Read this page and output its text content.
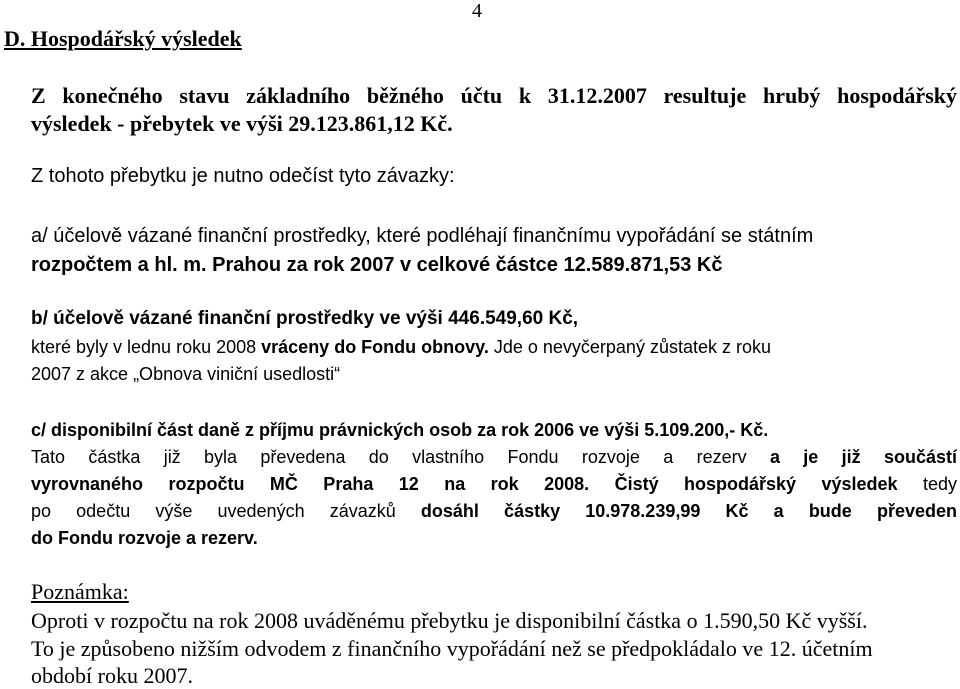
4
D. Hospodářský výsledek
Z konečného stavu základního běžného účtu k 31.12.2007 resultuje hrubý hospodářský
výsledek - přebytek ve výši 29.123.861,12 Kč.
Z tohoto přebytku je nutno odečíst tyto závazky:
a/ účelově vázané finanční prostředky, které podléhají finančnímu vypořádání se státním
rozpočtem a hl. m. Prahou za rok 2007 v celkové částce 12.589.871,53 Kč
b/ účelově vázané finanční prostředky ve výši 446.549,60 Kč,
které byly v lednu roku 2008 vráceny do Fondu obnovy. Jde o nevyčerpaný zůstatek z roku
2007 z akce „Obnova viniční usedlosti“
c/ disponibilní část daně z příjmu právnických osob za rok 2006 ve výši 5.109.200,- Kč.
Tato částka již byla převedena do vlastního Fondu rozvoje a rezerv a je již součástí
vyrovnaného rozpočtu MČ Praha 12 na rok 2008. Čistý hospodářský výsledek tedy
po odečtu výše uvedených závazků dosáhl částky 10.978.239,99 Kč a bude převeden
do Fondu rozvoje a rezerv.
Poznámka:
Oproti v rozpočtu na rok 2008 uváděnému přebytku je disponibilní částka o 1.590,50 Kč vyšší.
To je způsobeno nižším odvodem z finančního vypořádání než se předpokládalo ve 12. účetním
období roku 2007.
